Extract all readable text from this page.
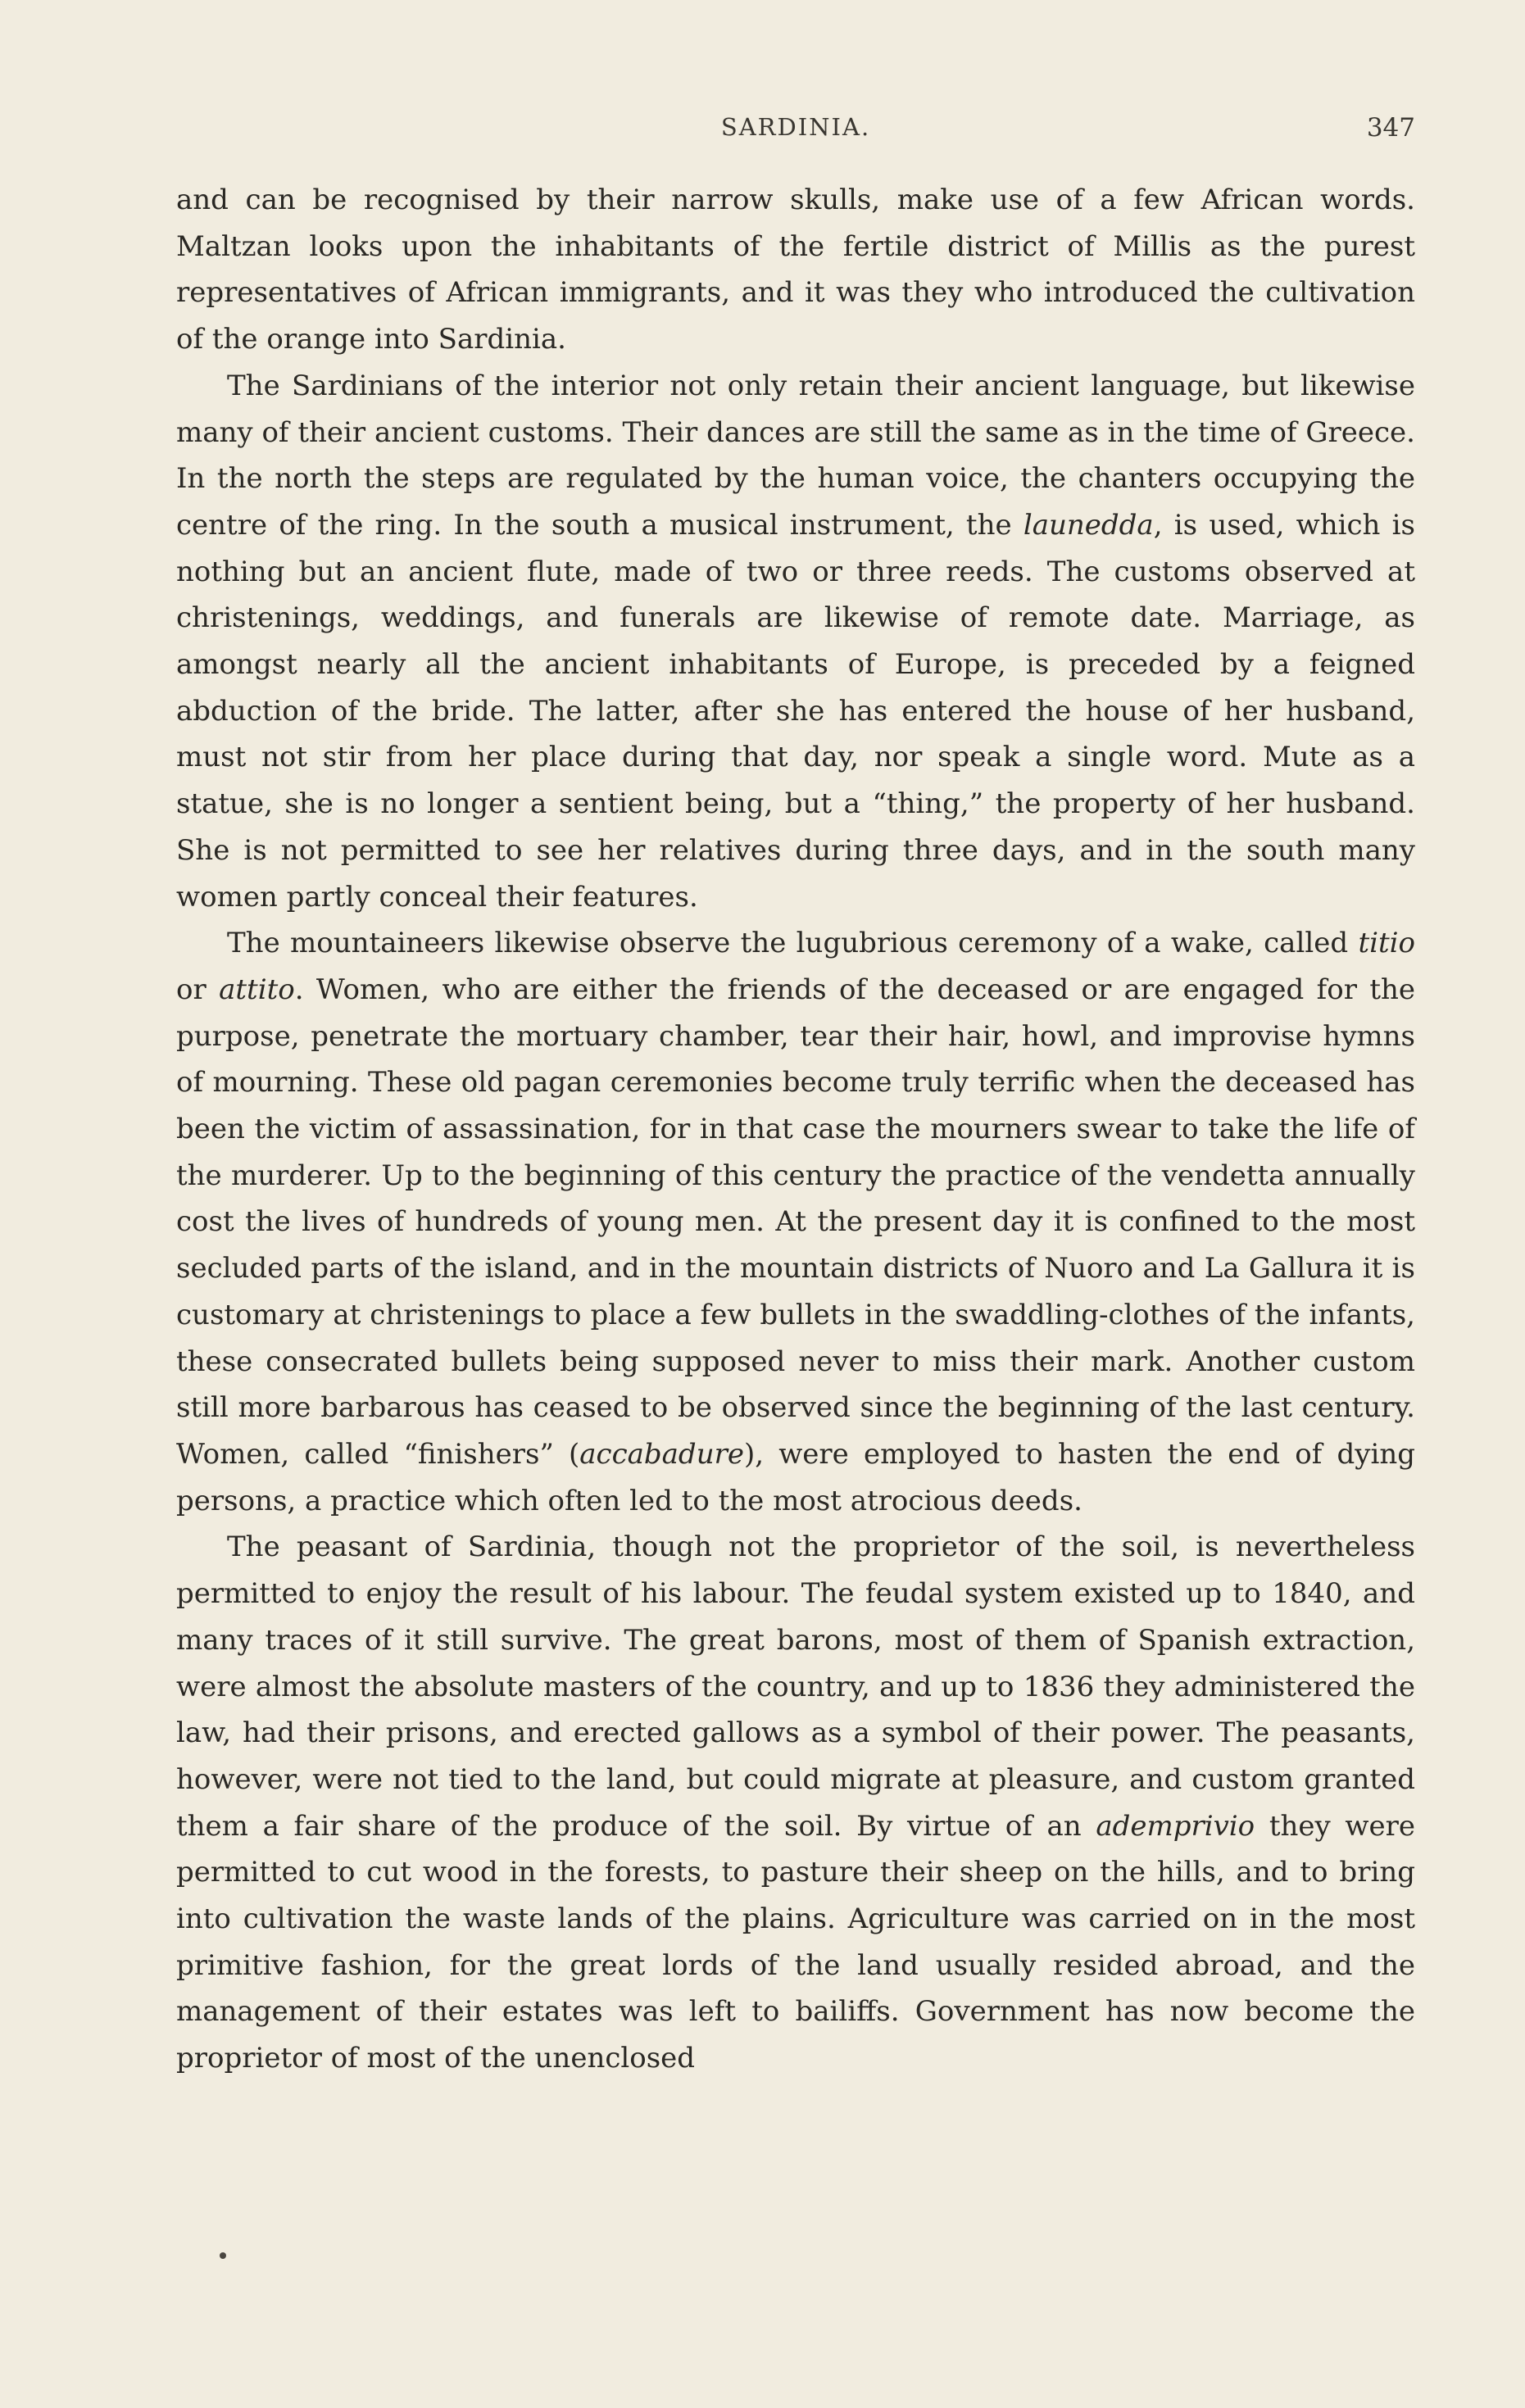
SARDINIA.	347

and can be recognised by their narrow skulls, make use of a few African words. Maltzan looks upon the inhabitants of the fertile district of Millis as the purest representatives of African immigrants, and it was they who introduced the cultivation of the orange into Sardinia.

The Sardinians of the interior not only retain their ancient language, but likewise many of their ancient customs. Their dances are still the same as in the time of Greece. In the north the steps are regulated by the human voice, the chanters occupying the centre of the ring. In the south a musical instrument, the launedda, is used, which is nothing but an ancient flute, made of two or three reeds. The customs observed at christenings, weddings, and funerals are likewise of remote date. Marriage, as amongst nearly all the ancient inhabitants of Europe, is preceded by a feigned abduction of the bride. The latter, after she has entered the house of her husband, must not stir from her place during that day, nor speak a single word. Mute as a statue, she is no longer a sentient being, but a “thing,” the property of her husband. She is not permitted to see her relatives during three days, and in the south many women partly conceal their features.

The mountaineers likewise observe the lugubrious ceremony of a wake, called titio or attito. Women, who are either the friends of the deceased or are engaged for the purpose, penetrate the mortuary chamber, tear their hair, howl, and improvise hymns of mourning. These old pagan ceremonies become truly terrific when the deceased has been the victim of assassination, for in that case the mourners swear to take the life of the murderer. Up to the beginning of this century the practice of the vendetta annually cost the lives of hundreds of young men. At the present day it is confined to the most secluded parts of the island, and in the mountain districts of Nuoro and La Gallura it is customary at christenings to place a few bullets in the swaddling-clothes of the infants, these consecrated bullets being supposed never to miss their mark. Another custom still more barbarous has ceased to be observed since the beginning of the last century. Women, called “finishers” (accabadure), were employed to hasten the end of dying persons, a practice which often led to the most atrocious deeds.

The peasant of Sardinia, though not the proprietor of the soil, is nevertheless permitted to enjoy the result of his labour. The feudal system existed up to 1840, and many traces of it still survive. The great barons, most of them of Spanish extraction, were almost the absolute masters of the country, and up to 1836 they administered the law, had their prisons, and erected gallows as a symbol of their power. The peasants, however, were not tied to the land, but could migrate at pleasure, and custom granted them a fair share of the produce of the soil. By virtue of an ademprivio they were permitted to cut wood in the forests, to pasture their sheep on the hills, and to bring into cultivation the waste lands of the plains. Agriculture was carried on in the most primitive fashion, for the great lords of the land usually resided abroad, and the management of their estates was left to bailiffs. Government has now become the proprietor of most of the unenclosed
